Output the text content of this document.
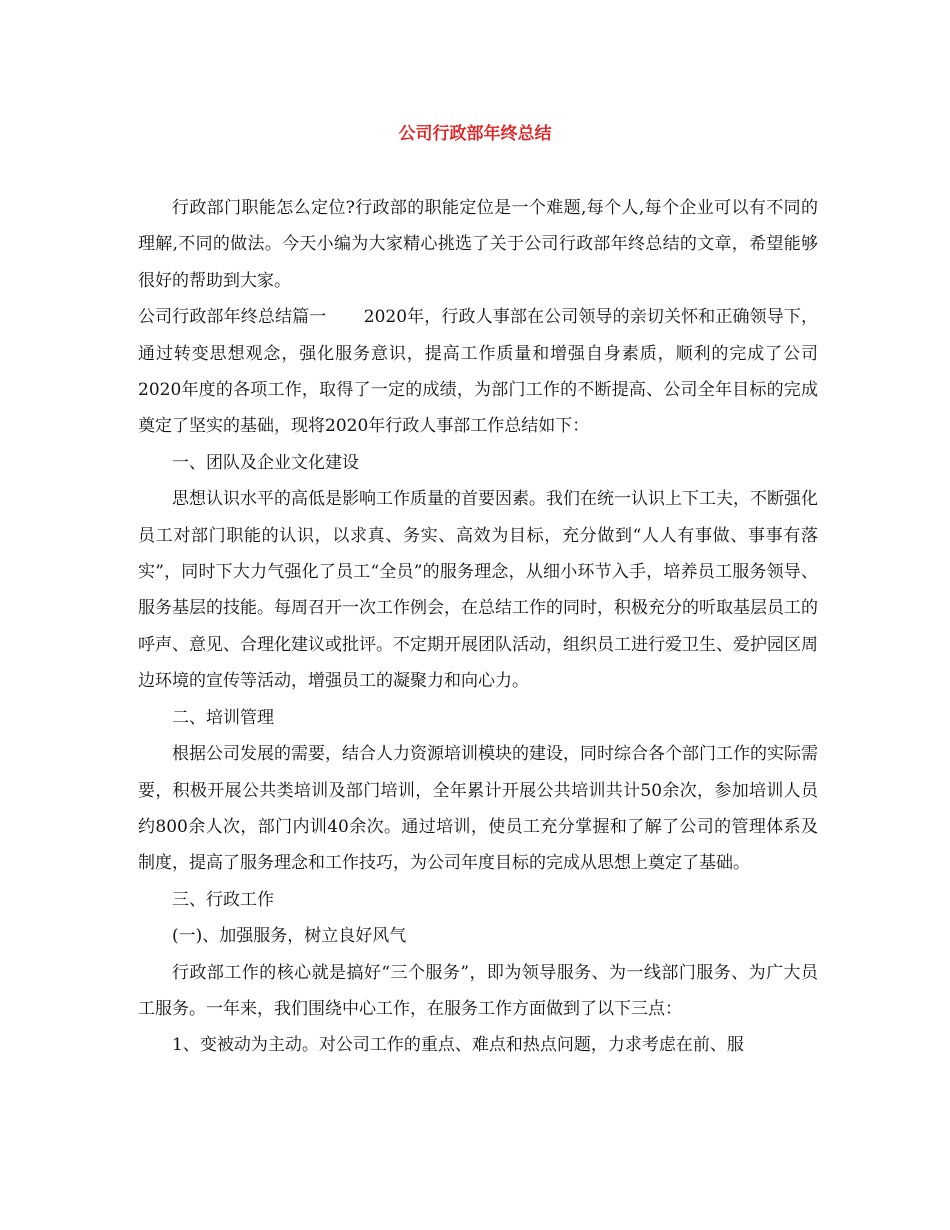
公司行政部年终总结

行政部门职能怎么定位?行政部的职能定位是一个难题,每个人,每个企业可以有不同的理解,不同的做法。今天小编为大家精心挑选了关于公司行政部年终总结的文章，希望能够很好的帮助到大家。

公司行政部年终总结篇一 2020年，行政人事部在公司领导的亲切关怀和正确领导下，通过转变思想观念，强化服务意识，提高工作质量和增强自身素质，顺利的完成了公司2020年度的各项工作，取得了一定的成绩，为部门工作的不断提高、公司全年目标的完成奠定了坚实的基础，现将2020年行政人事部工作总结如下：

一、团队及企业文化建设

思想认识水平的高低是影响工作质量的首要因素。我们在统一认识上下工夫，不断强化员工对部门职能的认识，以求真、务实、高效为目标，充分做到“人人有事做、事事有落实”，同时下大力气强化了员工“全员”的服务理念，从细小环节入手，培养员工服务领导、服务基层的技能。每周召开一次工作例会，在总结工作的同时，积极充分的听取基层员工的呼声、意见、合理化建议或批评。不定期开展团队活动，组织员工进行爱卫生、爱护园区周边环境的宣传等活动，增强员工的凝聚力和向心力。

二、培训管理

根据公司发展的需要，结合人力资源培训模块的建设，同时综合各个部门工作的实际需要，积极开展公共类培训及部门培训，全年累计开展公共培训共计50余次，参加培训人员约800余人次，部门内训40余次。通过培训，使员工充分掌握和了解了公司的管理体系及制度，提高了服务理念和工作技巧，为公司年度目标的完成从思想上奠定了基础。

三、行政工作

(一)、加强服务，树立良好风气

行政部工作的核心就是搞好“三个服务”，即为领导服务、为一线部门服务、为广大员工服务。一年来，我们围绕中心工作，在服务工作方面做到了以下三点：

1、变被动为主动。对公司工作的重点、难点和热点问题，力求考虑在前、服
